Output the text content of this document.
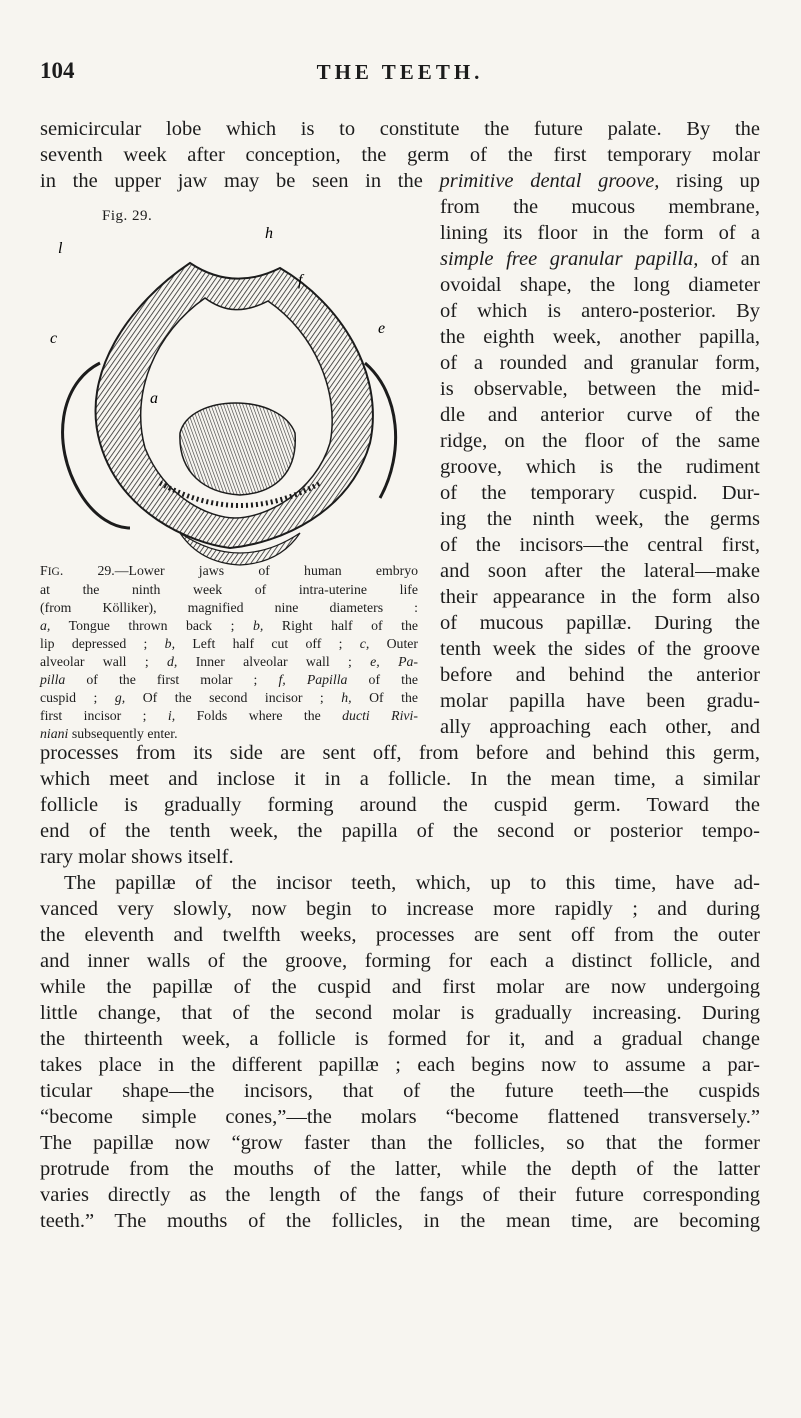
104	THE TEETH.
semicircular lobe which is to constitute the future palate. By the
seventh week after conception, the germ of the first temporary molar
in the upper jaw may be seen in the primitive dental groove, rising up
Fig. 29.
h
l
f
e
c
a
from the mucous membrane,
lining its floor in the form of a
simple free granular papilla, of an
ovoidal shape, the long diameter
of which is antero-posterior. By
the eighth week, another papilla,
of a rounded and granular form,
is observable, between the mid-
dle and anterior curve of the
ridge, on the floor of the same
groove, which is the rudiment
of the temporary cuspid. Dur-
ing the ninth week, the germs
of the incisors—the central first,
and soon after the lateral—make
their appearance in the form also
of mucous papillæ. During the
tenth week the sides of the groove
before and behind the anterior
molar papilla have been gradu-
ally approaching each other, and
FIG. 29.—Lower jaws of human embryo
at the ninth week of intra-uterine life
(from Kölliker), magnified nine diameters :
a, Tongue thrown back ; b, Right half of the
lip depressed ; b, Left half cut off ; c, Outer
alveolar wall ; d, Inner alveolar wall ; e, Pa-
pilla of the first molar ; f, Papilla of the
cuspid ; g, Of the second incisor ; h, Of the
first incisor ; i, Folds where the ducti Rivi-
niani subsequently enter.
processes from its side are sent off, from before and behind this germ,
which meet and inclose it in a follicle. In the mean time, a similar
follicle is gradually forming around the cuspid germ. Toward the
end of the tenth week, the papilla of the second or posterior tempo-
rary molar shows itself.
The papillæ of the incisor teeth, which, up to this time, have ad-
vanced very slowly, now begin to increase more rapidly ; and during
the eleventh and twelfth weeks, processes are sent off from the outer
and inner walls of the groove, forming for each a distinct follicle, and
while the papillæ of the cuspid and first molar are now undergoing
little change, that of the second molar is gradually increasing. During
the thirteenth week, a follicle is formed for it, and a gradual change
takes place in the different papillæ ; each begins now to assume a par-
ticular shape—the incisors, that of the future teeth—the cuspids
“become simple cones,”—the molars “become flattened transversely.”
The papillæ now “grow faster than the follicles, so that the former
protrude from the mouths of the latter, while the depth of the latter
varies directly as the length of the fangs of their future corresponding
teeth.” The mouths of the follicles, in the mean time, are becoming
